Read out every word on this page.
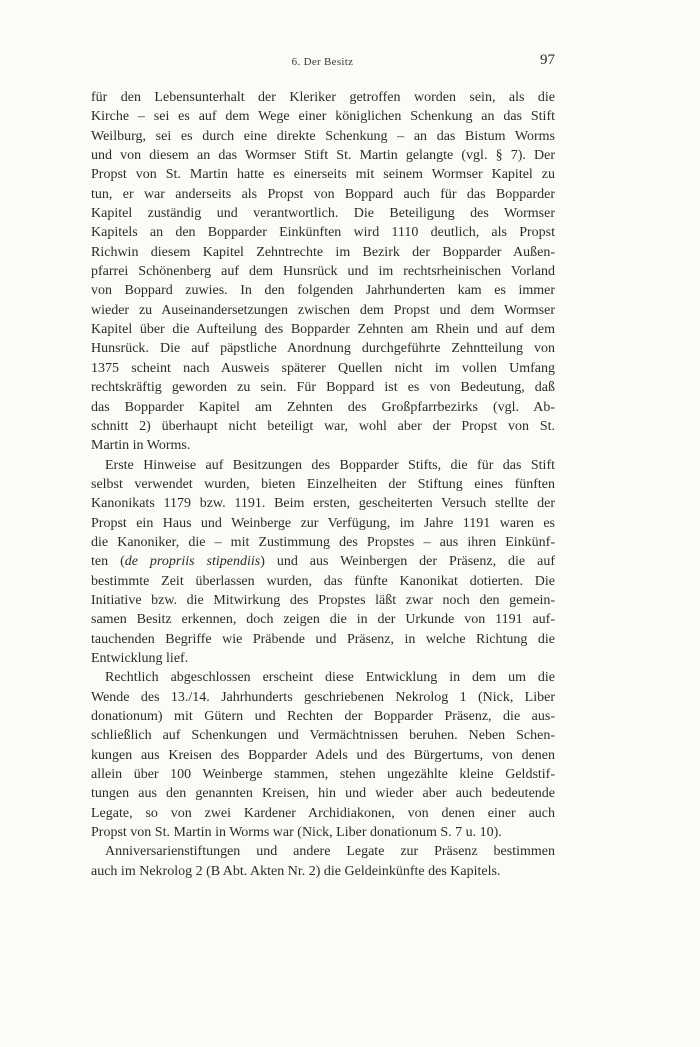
6. Der Besitz	97
für den Lebensunterhalt der Kleriker getroffen worden sein, als die
Kirche – sei es auf dem Wege einer königlichen Schenkung an das Stift
Weilburg, sei es durch eine direkte Schenkung – an das Bistum Worms
und von diesem an das Wormser Stift St. Martin gelangte (vgl. § 7). Der
Propst von St. Martin hatte es einerseits mit seinem Wormser Kapitel zu
tun, er war anderseits als Propst von Boppard auch für das Bopparder
Kapitel zuständig und verantwortlich. Die Beteiligung des Wormser
Kapitels an den Bopparder Einkünften wird 1110 deutlich, als Propst
Richwin diesem Kapitel Zehntrechte im Bezirk der Bopparder Außen-
pfarrei Schönenberg auf dem Hunsrück und im rechtsrheinischen Vorland
von Boppard zuwies. In den folgenden Jahrhunderten kam es immer
wieder zu Auseinandersetzungen zwischen dem Propst und dem Wormser
Kapitel über die Aufteilung des Bopparder Zehnten am Rhein und auf dem
Hunsrück. Die auf päpstliche Anordnung durchgeführte Zehntteilung von
1375 scheint nach Ausweis späterer Quellen nicht im vollen Umfang
rechtskräftig geworden zu sein. Für Boppard ist es von Bedeutung, daß
das Bopparder Kapitel am Zehnten des Großpfarrbezirks (vgl. Ab-
schnitt 2) überhaupt nicht beteiligt war, wohl aber der Propst von St.
Martin in Worms.
Erste Hinweise auf Besitzungen des Bopparder Stifts, die für das Stift
selbst verwendet wurden, bieten Einzelheiten der Stiftung eines fünften
Kanonikats 1179 bzw. 1191. Beim ersten, gescheiterten Versuch stellte der
Propst ein Haus und Weinberge zur Verfügung, im Jahre 1191 waren es
die Kanoniker, die – mit Zustimmung des Propstes – aus ihren Einkünf-
ten (de propriis stipendiis) und aus Weinbergen der Präsenz, die auf
bestimmte Zeit überlassen wurden, das fünfte Kanonikat dotierten. Die
Initiative bzw. die Mitwirkung des Propstes läßt zwar noch den gemein-
samen Besitz erkennen, doch zeigen die in der Urkunde von 1191 auf-
tauchenden Begriffe wie Präbende und Präsenz, in welche Richtung die
Entwicklung lief.
Rechtlich abgeschlossen erscheint diese Entwicklung in dem um die
Wende des 13./14. Jahrhunderts geschriebenen Nekrolog 1 (Nick, Liber
donationum) mit Gütern und Rechten der Bopparder Präsenz, die aus-
schließlich auf Schenkungen und Vermächtnissen beruhen. Neben Schen-
kungen aus Kreisen des Bopparder Adels und des Bürgertums, von denen
allein über 100 Weinberge stammen, stehen ungezählte kleine Geldstif-
tungen aus den genannten Kreisen, hin und wieder aber auch bedeutende
Legate, so von zwei Kardener Archidiakonen, von denen einer auch
Propst von St. Martin in Worms war (Nick, Liber donationum S. 7 u. 10).
Anniversarienstiftungen und andere Legate zur Präsenz bestimmen
auch im Nekrolog 2 (B Abt. Akten Nr. 2) die Geldeinkünfte des Kapitels.
